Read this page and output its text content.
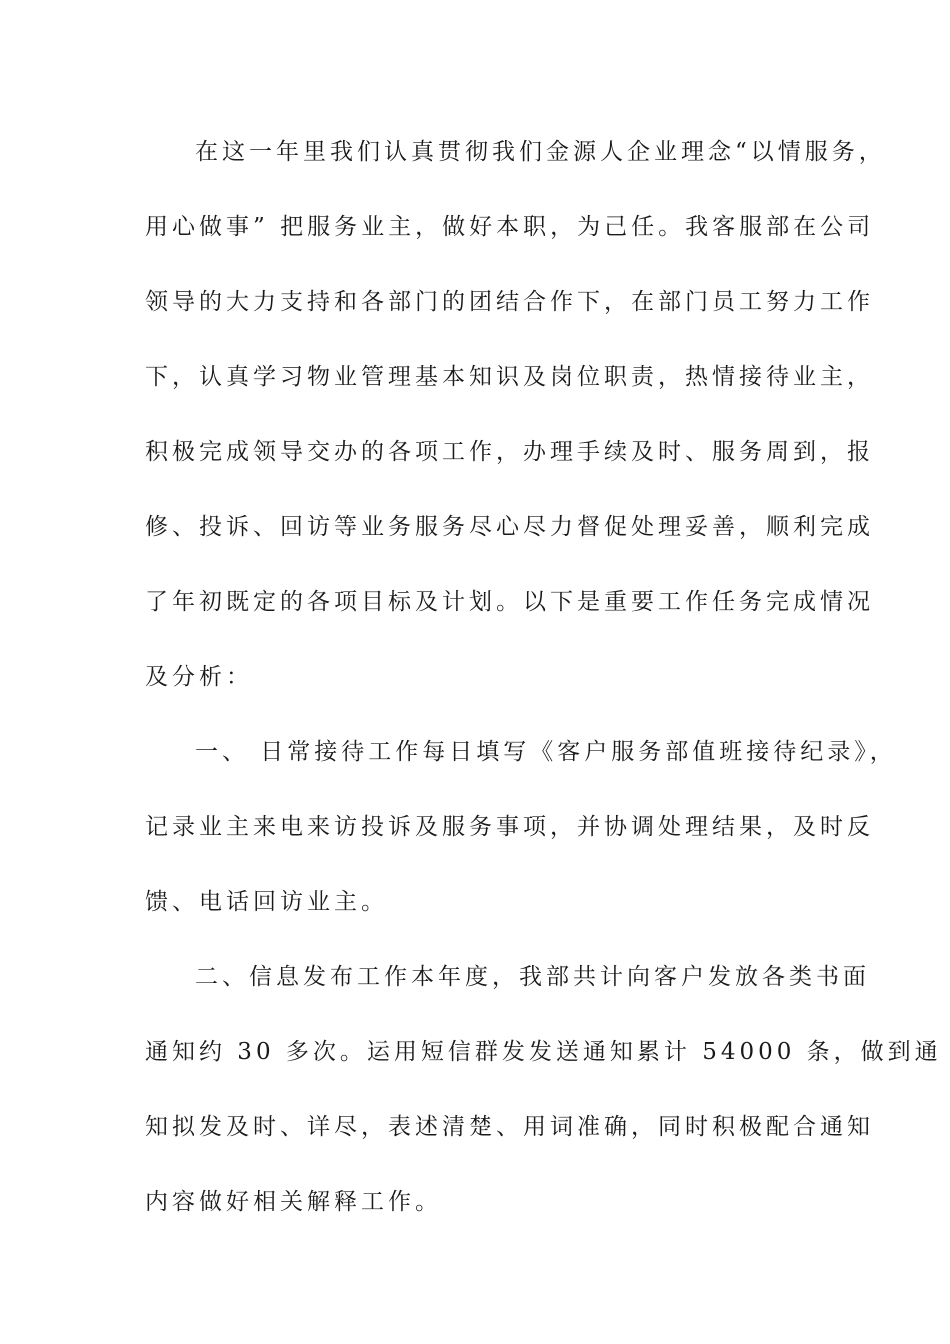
在这一年里我们认真贯彻我们金源人企业理念“以情服务，
用心做事” 把服务业主，做好本职，为己任。我客服部在公司
领导的大力支持和各部门的团结合作下，在部门员工努力工作
下，认真学习物业管理基本知识及岗位职责，热情接待业主，
积极完成领导交办的各项工作，办理手续及时、服务周到，报
修、投诉、回访等业务服务尽心尽力督促处理妥善，顺利完成
了年初既定的各项目标及计划。以下是重要工作任务完成情况
及分析：
一、 日常接待工作每日填写《客户服务部值班接待纪录》，
记录业主来电来访投诉及服务事项，并协调处理结果，及时反
馈、电话回访业主。
二、信息发布工作本年度，我部共计向客户发放各类书面
通知约 30 多次。运用短信群发发送通知累计 54000 条，做到通
知拟发及时、详尽，表述清楚、用词准确，同时积极配合通知
内容做好相关解释工作。
